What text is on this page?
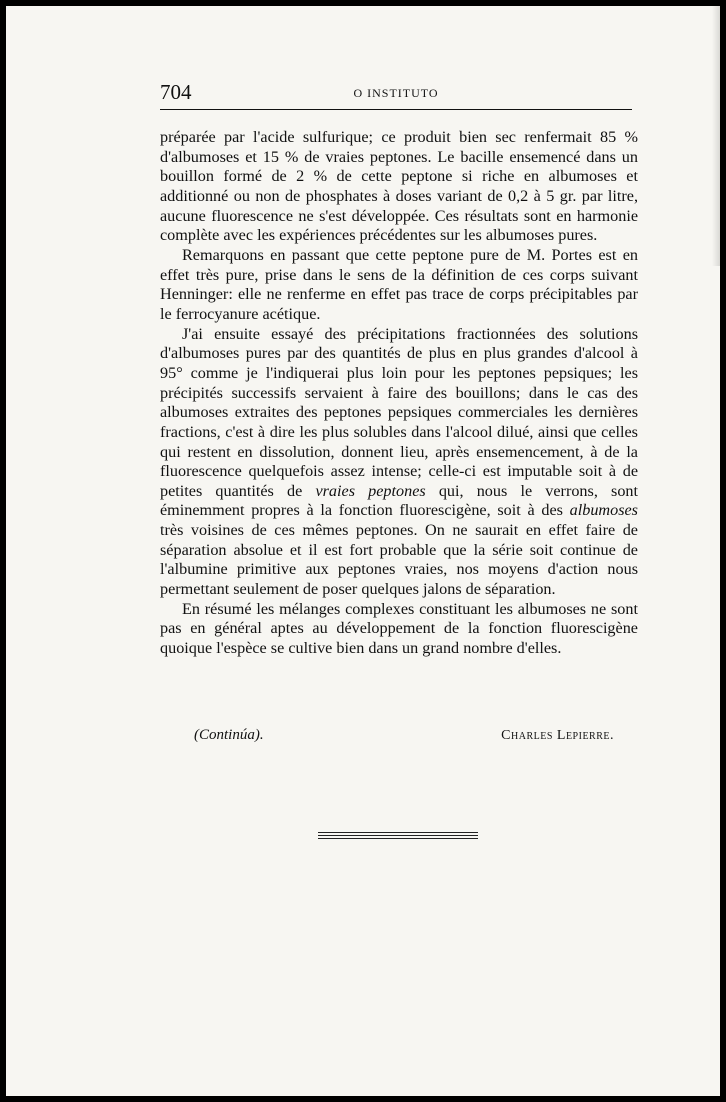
704	O INSTITUTO

préparée par l'acide sulfurique; ce produit bien sec renfermait 85 % d'albumoses et 15 % de vraies peptones. Le bacille ensemencé dans un bouillon formé de 2 % de cette peptone si riche en albumoses et additionné ou non de phosphates à doses variant de 0,2 à 5 gr. par litre, aucune fluorescence ne s'est développée. Ces résultats sont en harmonie complète avec les expériences précédentes sur les albumoses pures.

Remarquons en passant que cette peptone pure de M. Portes est en effet très pure, prise dans le sens de la définition de ces corps suivant Henninger: elle ne renferme en effet pas trace de corps précipitables par le ferrocyanure acétique.

J'ai ensuite essayé des précipitations fractionnées des solutions d'albumoses pures par des quantités de plus en plus grandes d'alcool à 95° comme je l'indiquerai plus loin pour les peptones pepsiques; les précipités successifs servaient à faire des bouillons; dans le cas des albumoses extraites des peptones pepsiques commerciales les dernières fractions, c'est à dire les plus solubles dans l'alcool dilué, ainsi que celles qui restent en dissolution, donnent lieu, après ensemencement, à de la fluorescence quelquefois assez intense; celle-ci est imputable soit à de petites quantités de vraies peptones qui, nous le verrons, sont éminemment propres à la fonction fluorescigène, soit à des albumoses très voisines de ces mêmes peptones. On ne saurait en effet faire de séparation absolue et il est fort probable que la série soit continue de l'albumine primitive aux peptones vraies, nos moyens d'action nous permettant seulement de poser quelques jalons de séparation.

En résumé les mélanges complexes constituant les albumoses ne sont pas en général aptes au développement de la fonction fluorescigène quoique l'espèce se cultive bien dans un grand nombre d'elles.

(Continúa).	Charles Lepierre.
